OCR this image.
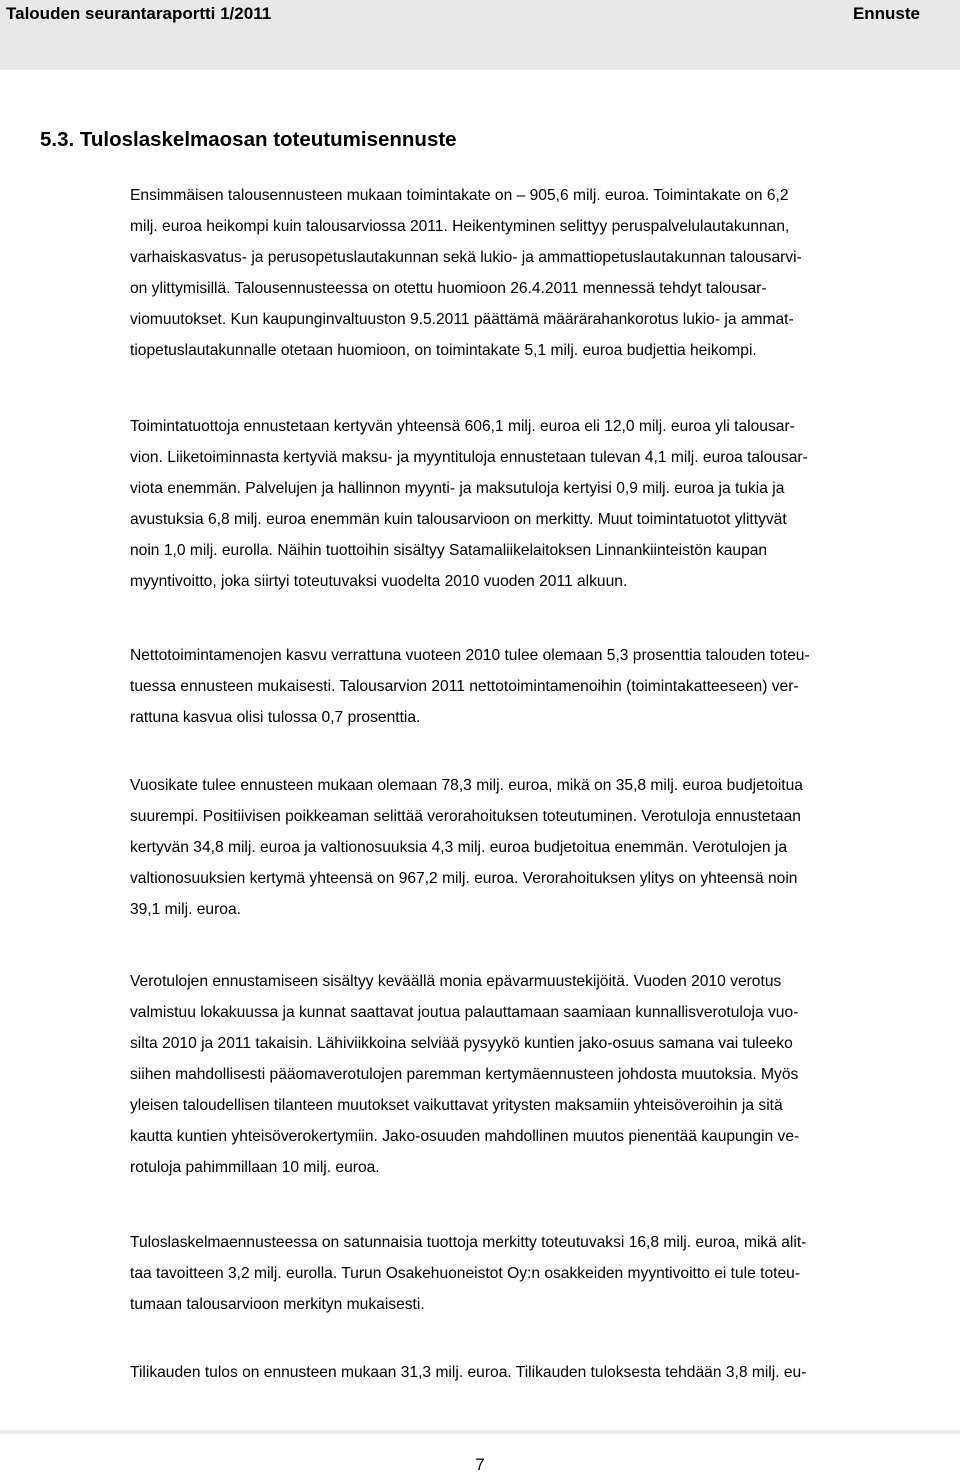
Talouden seurantaraportti 1/2011	Ennuste
5.3. Tuloslaskelmaosan toteutumisennuste
Ensimmäisen talousennusteen mukaan toimintakate on – 905,6 milj. euroa. Toimintakate on 6,2
milj. euroa heikompi kuin talousarviossa 2011. Heikentyminen selittyy peruspalvelulautakunnan,
varhaiskasvatus- ja perusopetuslautakunnan sekä lukio- ja ammattiopetuslautakunnan talousarvi-
on ylittymisillä. Talousennusteessa on otettu huomioon 26.4.2011 mennessä tehdyt talousar-
viomuutokset. Kun kaupunginvaltuuston 9.5.2011 päättämä määrärahankorotus lukio- ja ammat-
tiopetuslautakunnalle otetaan huomioon, on toimintakate 5,1 milj. euroa budjettia heikompi.
Toimintatuottoja ennustetaan kertyvän yhteensä 606,1 milj. euroa eli 12,0 milj. euroa yli talousar-
vion. Liiketoiminnasta kertyviä maksu- ja myyntituloja ennustetaan tulevan 4,1 milj. euroa talousar-
viota enemmän. Palvelujen ja hallinnon myynti- ja maksutuloja kertyisi 0,9 milj. euroa ja tukia ja
avustuksia 6,8 milj. euroa enemmän kuin talousarvioon on merkitty. Muut toimintatuotot ylittyvät
noin 1,0 milj. eurolla. Näihin tuottoihin sisältyy Satamaliikelaitoksen Linnankiinteistön kaupan
myyntivoitto, joka siirtyi toteutuvaksi vuodelta 2010 vuoden 2011 alkuun.
Nettotoimintamenojen kasvu verrattuna vuoteen 2010 tulee olemaan 5,3 prosenttia talouden toteu-
tuessa ennusteen mukaisesti. Talousarvion 2011 nettotoimintamenoihin (toimintakatteeseen) ver-
rattuna kasvua olisi tulossa 0,7 prosenttia.
Vuosikate tulee ennusteen mukaan olemaan 78,3 milj. euroa, mikä on 35,8 milj. euroa budjetoitua
suurempi. Positiivisen poikkeaman selittää verorahoituksen toteutuminen. Verotuloja ennustetaan
kertyvän 34,8 milj. euroa ja valtionosuuksia 4,3 milj. euroa budjetoitua enemmän. Verotulojen ja
valtionosuuksien kertymä yhteensä on 967,2 milj. euroa. Verorahoituksen ylitys on yhteensä noin
39,1 milj. euroa.
Verotulojen ennustamiseen sisältyy keväällä monia epävarmuustekijöitä. Vuoden 2010 verotus
valmistuu lokakuussa ja kunnat saattavat joutua palauttamaan saamiaan kunnallisverotuloja vuo-
silta 2010 ja 2011 takaisin. Lähiviikkoina selviää pysyykö kuntien jako-osuus samana vai tuleeko
siihen mahdollisesti pääomaverotulojen paremman kertymäennusteen johdosta muutoksia. Myös
yleisen taloudellisen tilanteen muutokset vaikuttavat yritysten maksamiin yhteisöveroihin ja sitä
kautta kuntien yhteisöverokertymiin. Jako-osuuden mahdollinen muutos pienentää kaupungin ve-
rotuloja pahimmillaan 10 milj. euroa.
Tuloslaskelmaennusteessa on satunnaisia tuottoja merkitty toteutuvaksi 16,8 milj. euroa, mikä alit-
taa tavoitteen 3,2 milj. eurolla. Turun Osakehuoneistot Oy:n osakkeiden myyntivoitto ei tule toteu-
tumaan talousarvioon merkityn mukaisesti.
Tilikauden tulos on ennusteen mukaan 31,3 milj. euroa. Tilikauden tuloksesta tehdään 3,8 milj. eu-
7
